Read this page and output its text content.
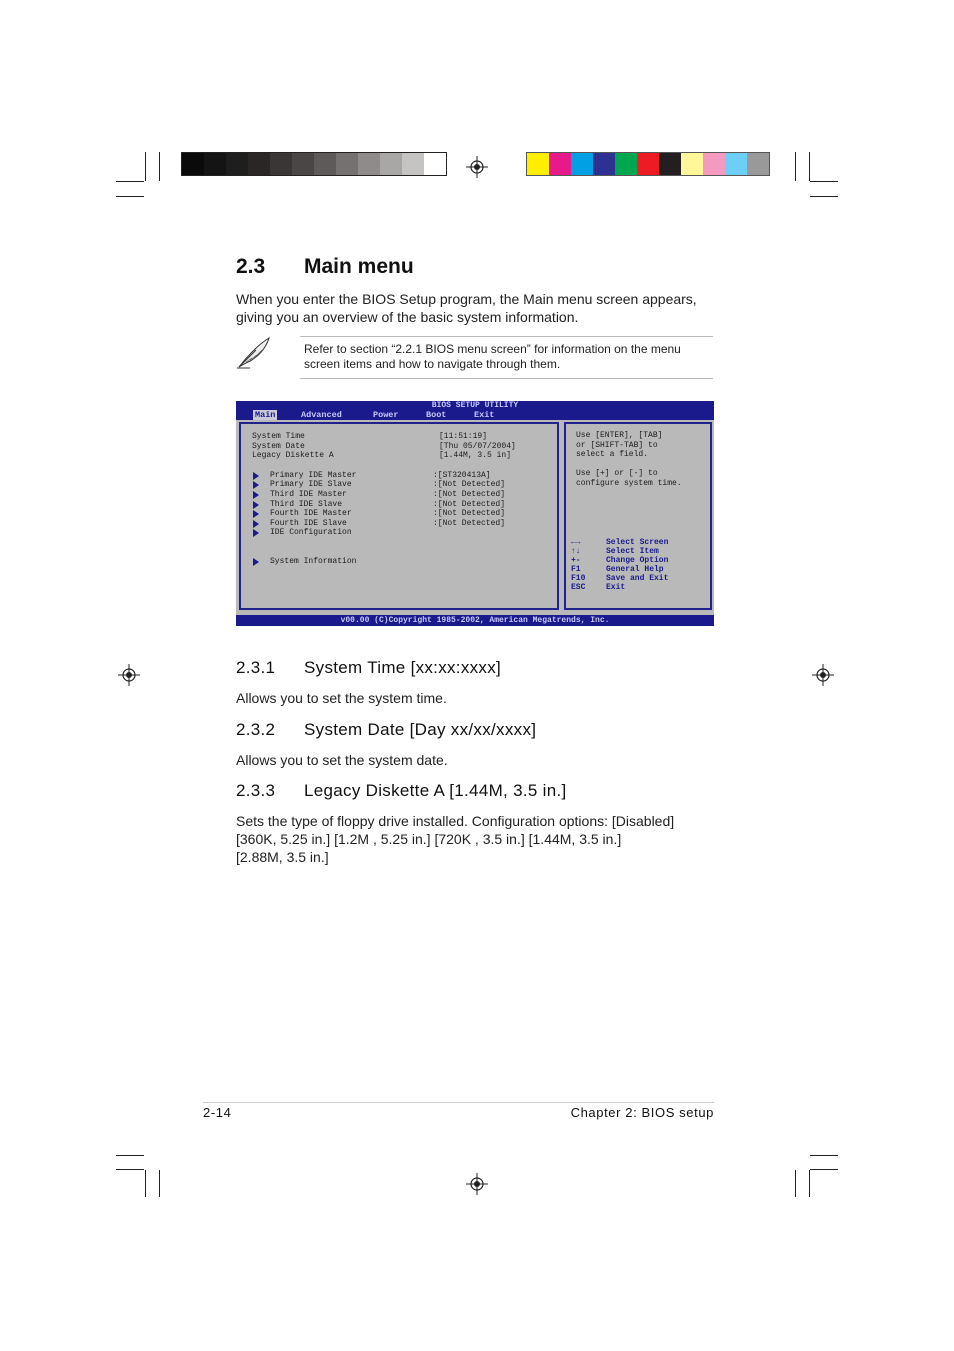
2.3 Main menu
When you enter the BIOS Setup program, the Main menu screen appears,
giving you an overview of the basic system information.
Refer to section “2.2.1 BIOS menu screen” for information on the menu
screen items and how to navigate through them.
BIOS SETUP UTILITY
Main	Advanced	Power	Boot	Exit
System Time	[11:51:19]
System Date	[Thu 05/07/2004]
Legacy Diskette A	[1.44M, 3.5 in]
Primary IDE Master	:[ST320413A]
Primary IDE Slave	:[Not Detected]
Third IDE Master	:[Not Detected]
Third IDE Slave	:[Not Detected]
Fourth IDE Master	:[Not Detected]
Fourth IDE Slave	:[Not Detected]
IDE Configuration
System Information
Use [ENTER], [TAB]
or [SHIFT-TAB] to
select a field.
Use [+] or [-] to
configure system time.
←→	Select Screen
↑↓	Select Item
+-	Change Option
F1	General Help
F10	Save and Exit
ESC	Exit
v00.00 (C)Copyright 1985-2002, American Megatrends, Inc.
2.3.1 System Time [xx:xx:xxxx]
Allows you to set the system time.
2.3.2 System Date [Day xx/xx/xxxx]
Allows you to set the system date.
2.3.3 Legacy Diskette A [1.44M, 3.5 in.]
Sets the type of floppy drive installed. Configuration options: [Disabled]
[360K, 5.25 in.] [1.2M , 5.25 in.] [720K , 3.5 in.] [1.44M, 3.5 in.]
[2.88M, 3.5 in.]
2-14	Chapter 2: BIOS setup
